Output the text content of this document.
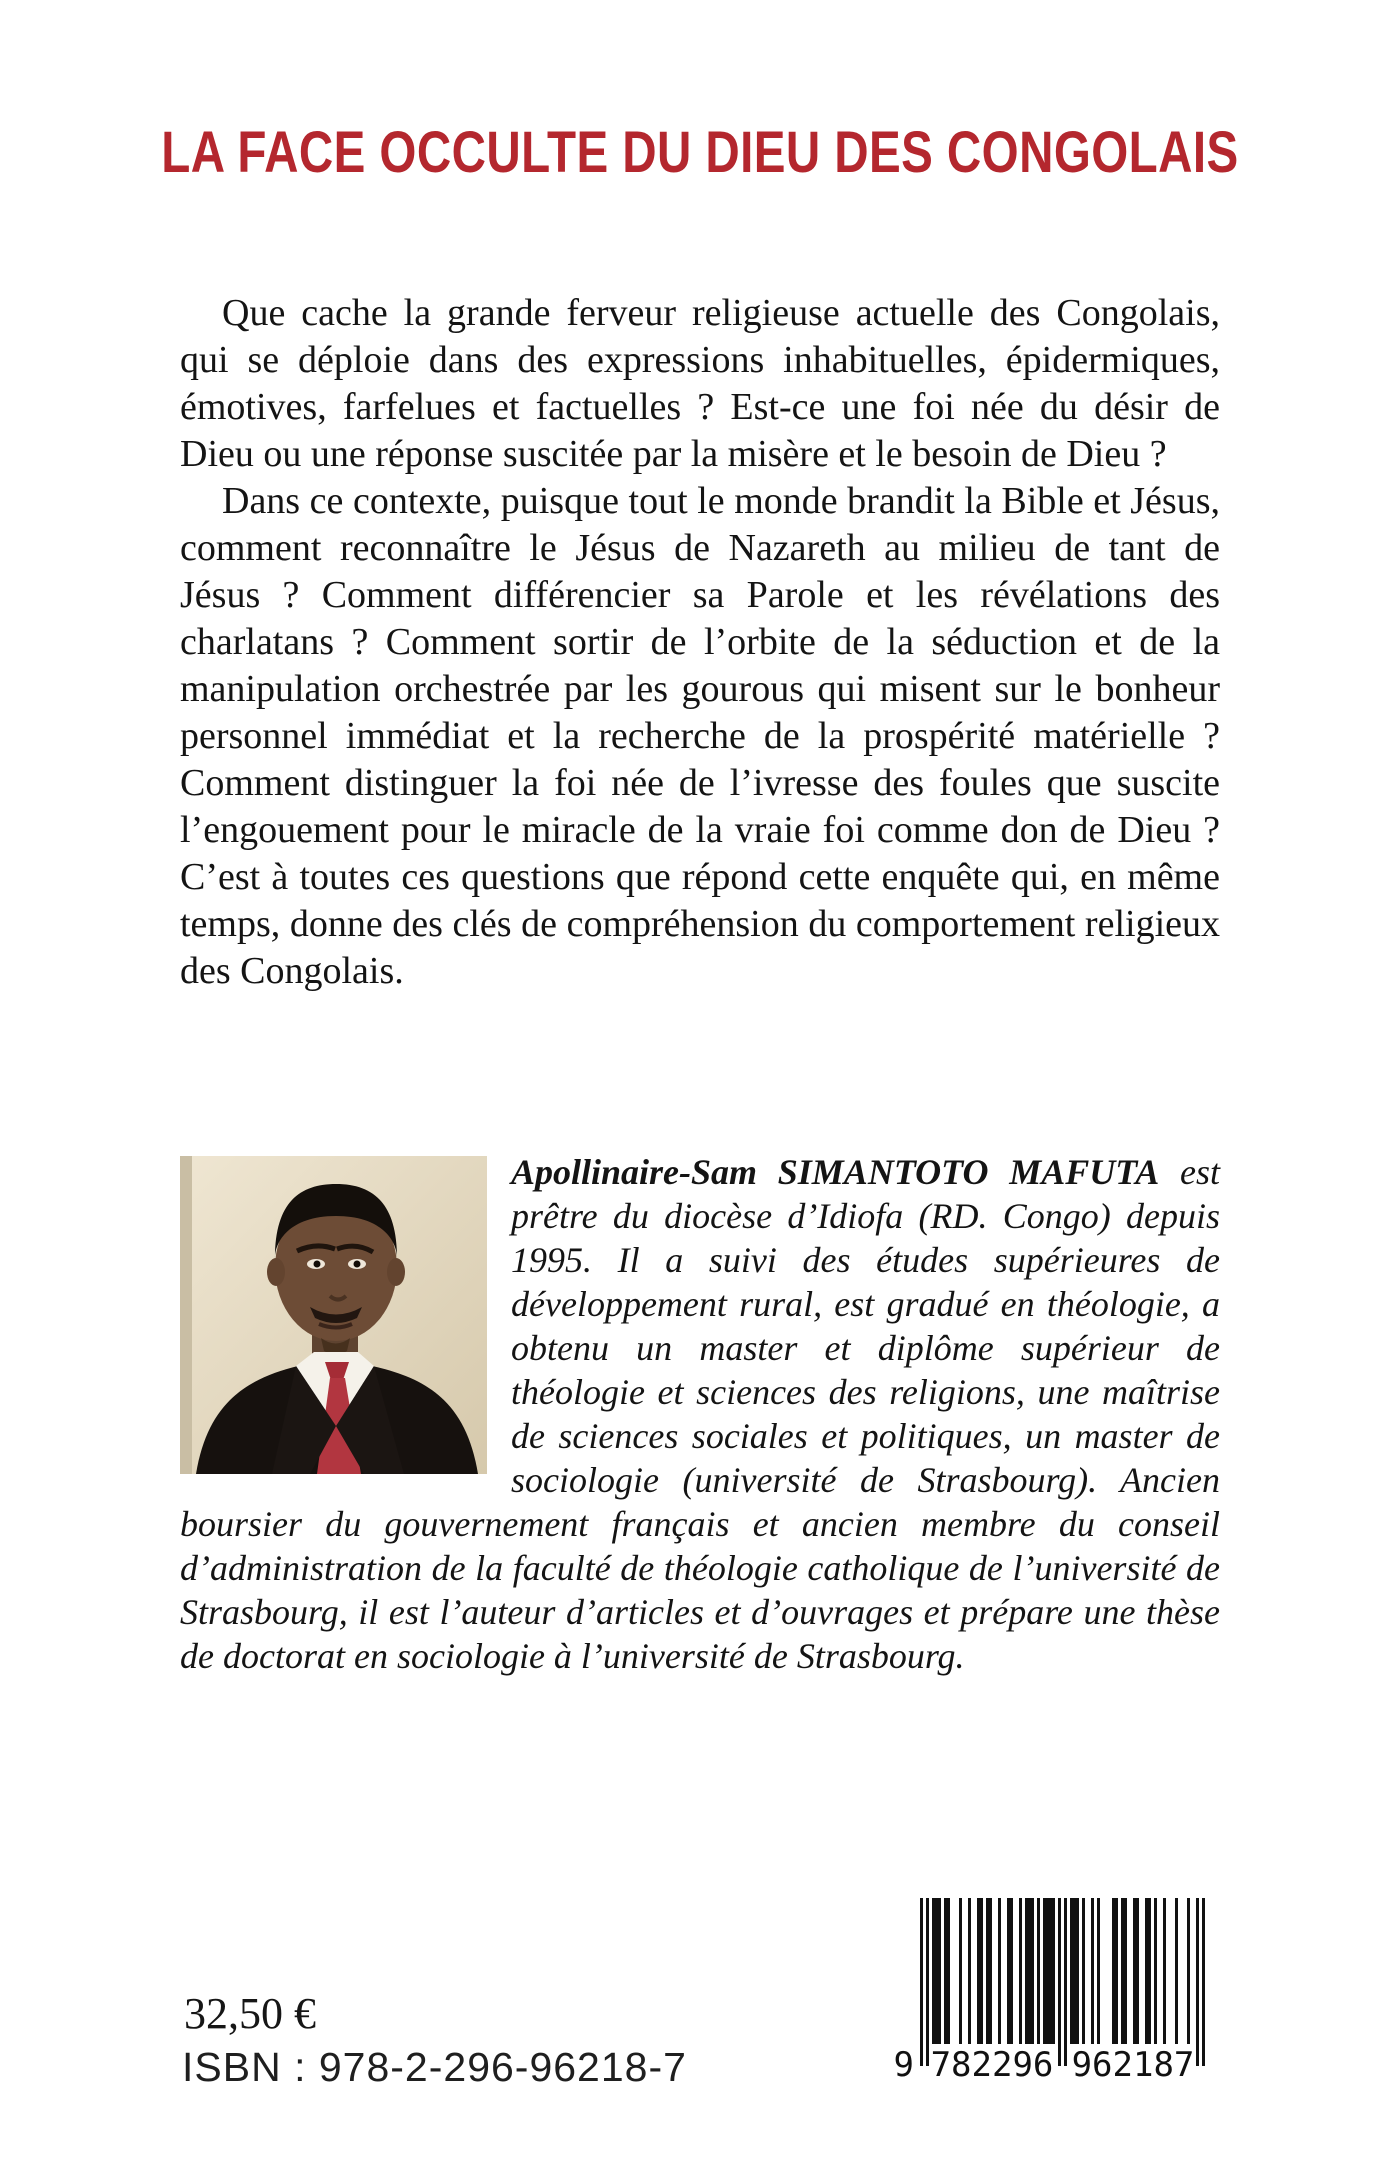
LA FACE OCCULTE DU DIEU DES CONGOLAIS

Que cache la grande ferveur religieuse actuelle des Congolais, qui se déploie dans des expressions inhabituelles, épidermiques, émotives, farfelues et factuelles ? Est-ce une foi née du désir de Dieu ou une réponse suscitée par la misère et le besoin de Dieu ?

Dans ce contexte, puisque tout le monde brandit la Bible et Jésus, comment reconnaître le Jésus de Nazareth au milieu de tant de Jésus ? Comment différencier sa Parole et les révélations des charlatans ? Comment sortir de l’orbite de la séduction et de la manipulation orchestrée par les gourous qui misent sur le bonheur personnel immédiat et la recherche de la prospérité matérielle ? Comment distinguer la foi née de l’ivresse des foules que suscite l’engouement pour le miracle de la vraie foi comme don de Dieu ? C’est à toutes ces questions que répond cette enquête qui, en même temps, donne des clés de compréhension du comportement religieux des Congolais.

Apollinaire-Sam SIMANTOTO MAFUTA est prêtre du diocèse d’Idiofa (RD. Congo) depuis 1995. Il a suivi des études supérieures de développement rural, est gradué en théologie, a obtenu un master et diplôme supérieur de théologie et sciences des religions, une maîtrise de sciences sociales et politiques, un master de sociologie (université de Strasbourg). Ancien boursier du gouvernement français et ancien membre du conseil d’administration de la faculté de théologie catholique de l’université de Strasbourg, il est l’auteur d’articles et d’ouvrages et prépare une thèse de doctorat en sociologie à l’université de Strasbourg.

32,50 €
ISBN : 978-2-296-96218-7	9 782296 962187
